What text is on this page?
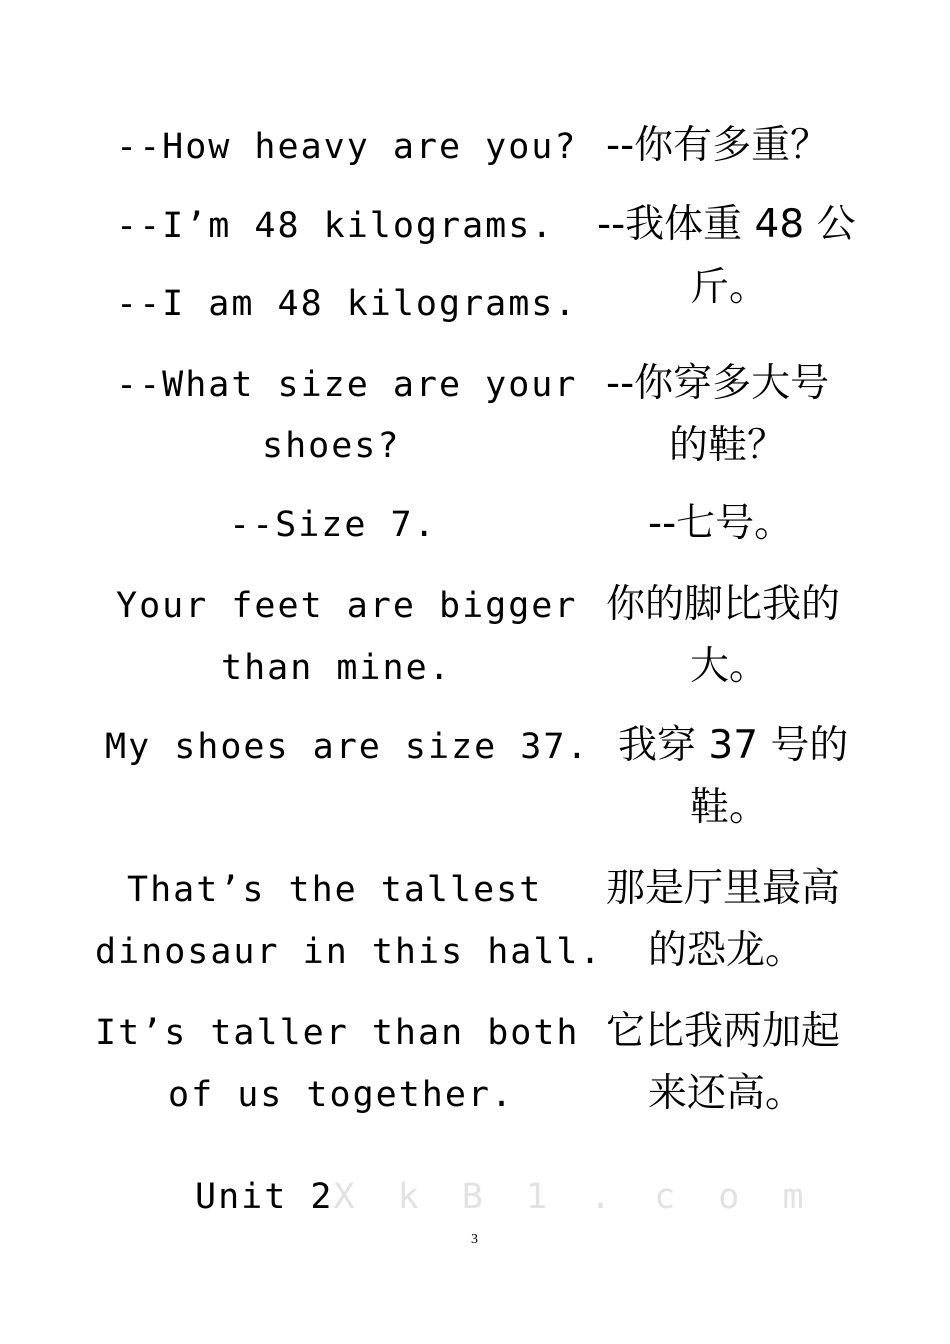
--How heavy are you? --你有多重？
--I’m 48 kilograms.
--I am 48 kilograms.
--我体重 48 公
斤。
--What size are your
shoes?
--你穿多大号
的鞋？
--Size 7.	--七号。
Your feet are bigger
than mine.
你的脚比我的
大。
My shoes are size 37. 我穿 37 号的
鞋。
That’s the tallest
dinosaur in this hall.
那是厅里最高
的恐龙。
It’s taller than both
of us together.
它比我两加起
来还高。
Unit 2X k B 1 . c o m
3
